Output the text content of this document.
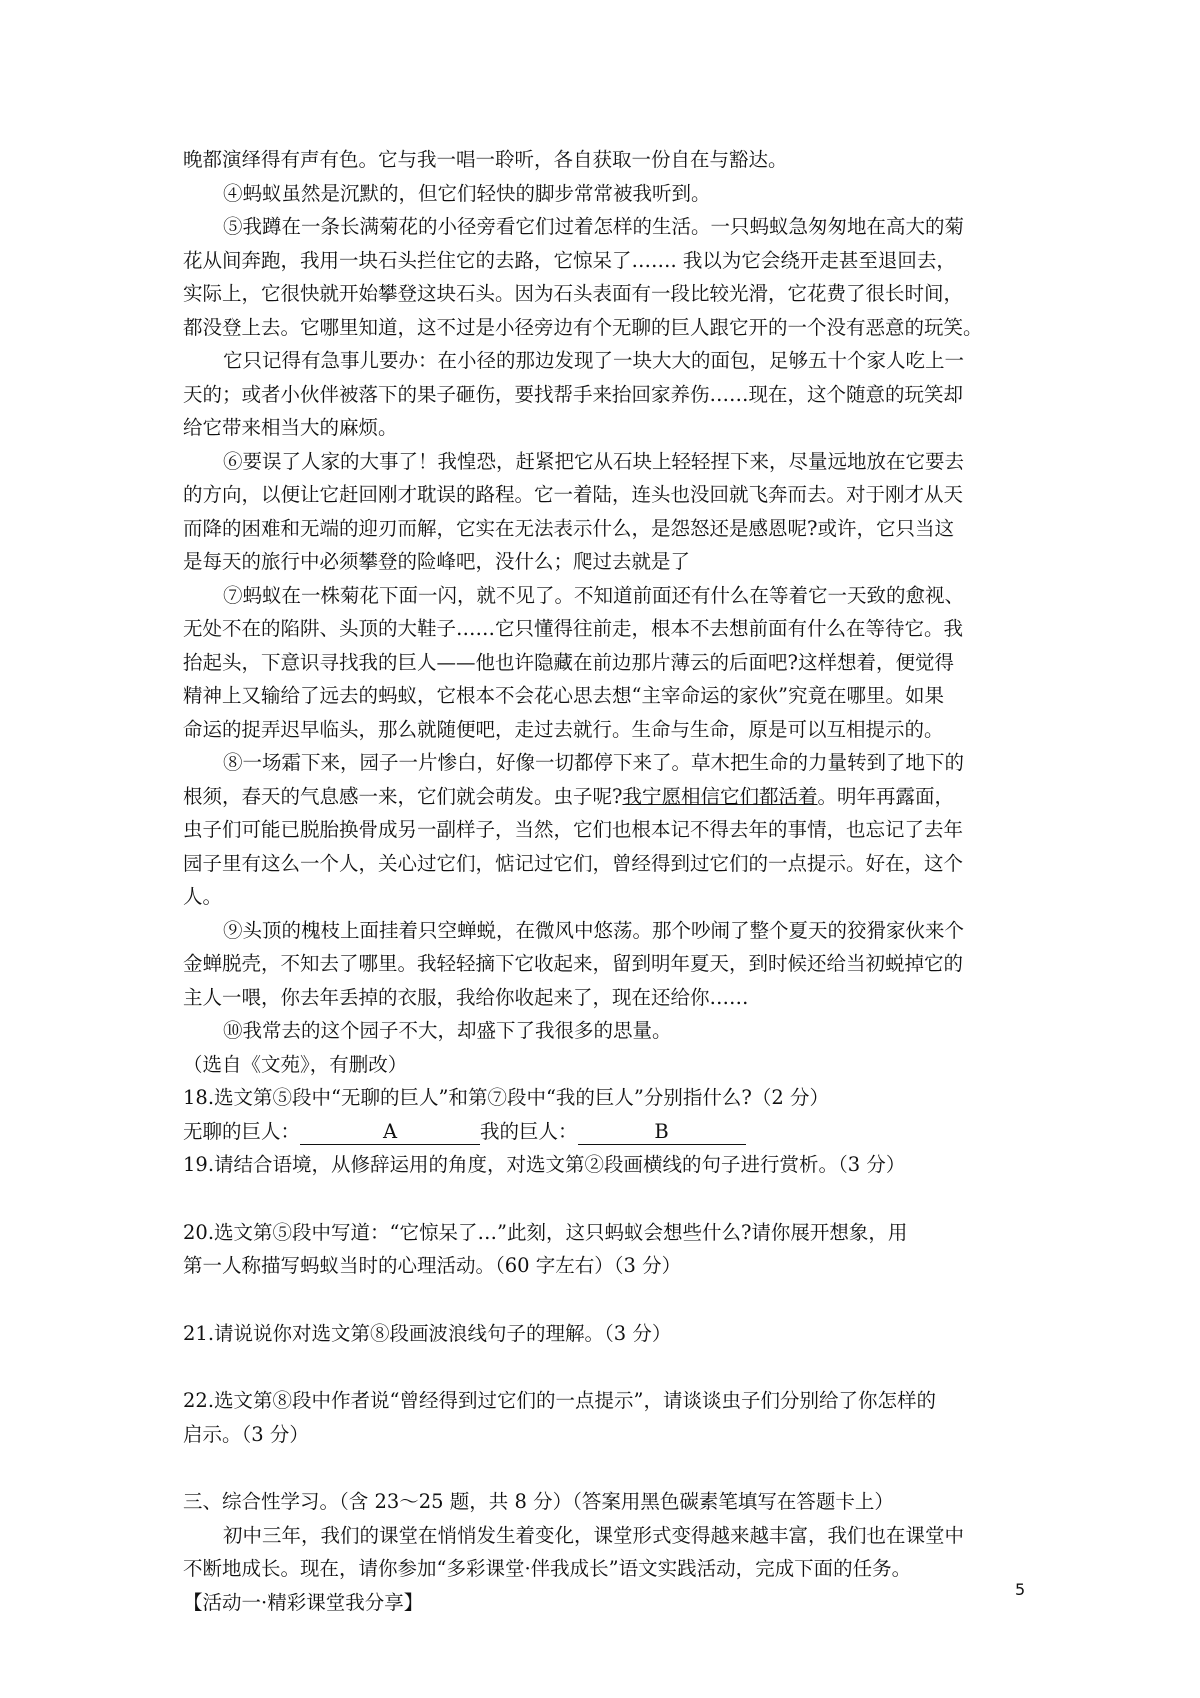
晚都演绎得有声有色。它与我一唱一聆听，各自获取一份自在与豁达。
④蚂蚁虽然是沉默的，但它们轻快的脚步常常被我听到。
⑤我蹲在一条长满菊花的小径旁看它们过着怎样的生活。一只蚂蚁急匆匆地在高大的菊
花从间奔跑，我用一块石头拦住它的去路，它惊呆了……. 我以为它会绕开走甚至退回去，
实际上，它很快就开始攀登这块石头。因为石头表面有一段比较光滑，它花费了很长时间，
都没登上去。它哪里知道，这不过是小径旁边有个无聊的巨人跟它开的一个没有恶意的玩笑。
它只记得有急事儿要办：在小径的那边发现了一块大大的面包，足够五十个家人吃上一
天的；或者小伙伴被落下的果子砸伤，要找帮手来抬回家养伤……现在，这个随意的玩笑却
给它带来相当大的麻烦。
⑥要误了人家的大事了！我惶恐，赶紧把它从石块上轻轻捏下来，尽量远地放在它要去
的方向，以便让它赶回刚才耽误的路程。它一着陆，连头也没回就飞奔而去。对于刚才从天
而降的困难和无端的迎刃而解，它实在无法表示什么，是怨怒还是感恩呢?或许，它只当这
是每天的旅行中必须攀登的险峰吧，没什么；爬过去就是了
⑦蚂蚁在一株菊花下面一闪，就不见了。不知道前面还有什么在等着它一天致的愈视、
无处不在的陷阱、头顶的大鞋子……它只懂得往前走，根本不去想前面有什么在等待它。我
抬起头，下意识寻找我的巨人——他也许隐藏在前边那片薄云的后面吧?这样想着，便觉得
精神上又输给了远去的蚂蚁，它根本不会花心思去想“主宰命运的家伙”究竟在哪里。如果
命运的捉弄迟早临头，那么就随便吧，走过去就行。生命与生命，原是可以互相提示的。
⑧一场霜下来，园子一片惨白，好像一切都停下来了。草木把生命的力量转到了地下的
根须，春天的气息感一来，它们就会萌发。虫子呢?我宁愿相信它们都活着。明年再露面，
虫子们可能已脱胎换骨成另一副样子，当然，它们也根本记不得去年的事情，也忘记了去年
园子里有这么一个人，关心过它们，惦记过它们，曾经得到过它们的一点提示。好在，这个
人。
⑨头顶的槐枝上面挂着只空蝉蜕，在微风中悠荡。那个吵闹了整个夏天的狡猾家伙来个
金蝉脱壳，不知去了哪里。我轻轻摘下它收起来，留到明年夏天，到时候还给当初蜕掉它的
主人一喂，你去年丢掉的衣服，我给你收起来了，现在还给你……
⑩我常去的这个园子不大，却盛下了我很多的思量。
（选自《文苑》，有删改）
18.选文第⑤段中“无聊的巨人”和第⑦段中“我的巨人”分别指什么?（2 分）
无聊的巨人：	A	我的巨人：	B
19.请结合语境，从修辞运用的角度，对选文第②段画横线的句子进行赏析。（3 分）
20.选文第⑤段中写道：“它惊呆了…”此刻，这只蚂蚁会想些什么?请你展开想象，用
第一人称描写蚂蚁当时的心理活动。（60 字左右）（3 分）
21.请说说你对选文第⑧段画波浪线句子的理解。（3 分）
22.选文第⑧段中作者说“曾经得到过它们的一点提示”，请谈谈虫子们分别给了你怎样的
启示。（3 分）
三、综合性学习。（含 23～25 题，共 8 分）（答案用黑色碳素笔填写在答题卡上）
初中三年，我们的课堂在悄悄发生着变化，课堂形式变得越来越丰富，我们也在课堂中
不断地成长。现在，请你参加“多彩课堂·伴我成长”语文实践活动，完成下面的任务。
【活动一·精彩课堂我分享】
5
